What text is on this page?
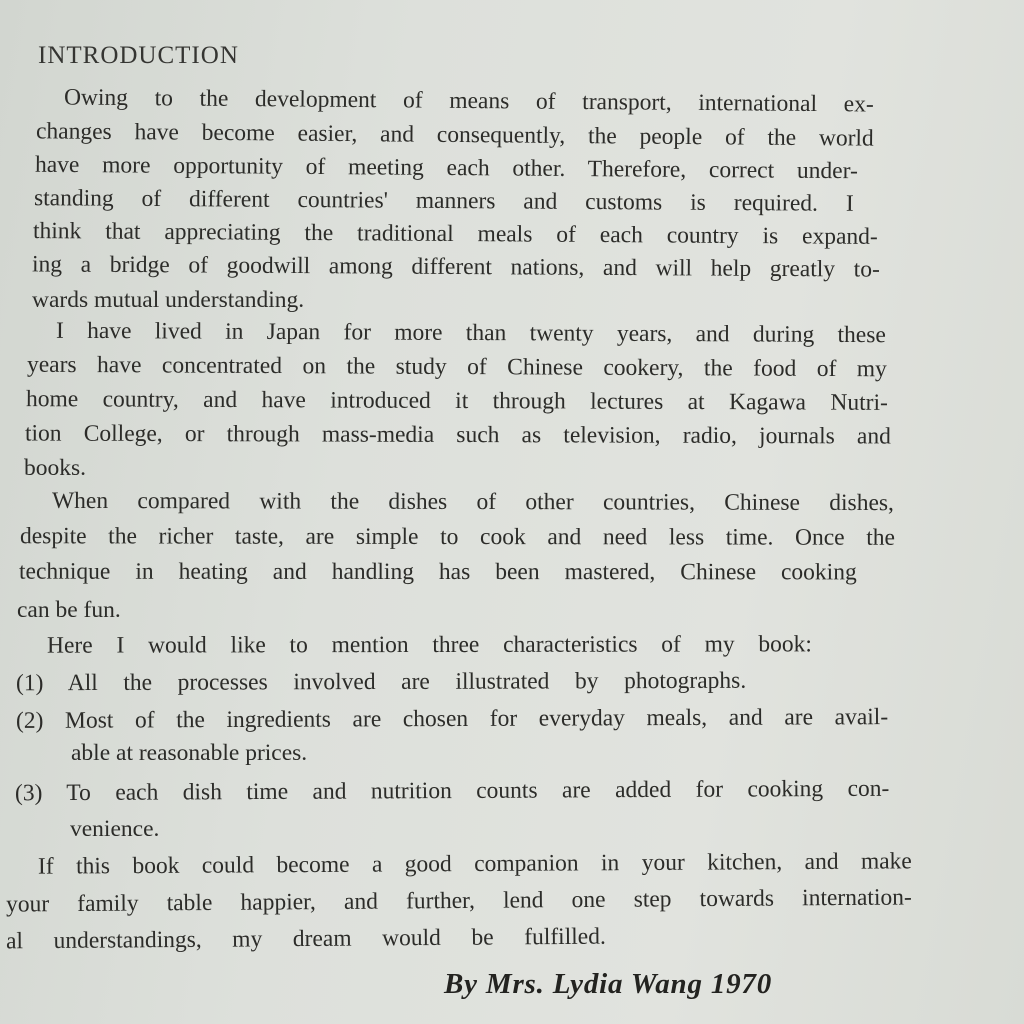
INTRODUCTION
Owing to the development of means of transport, international ex-
changes have become easier, and consequently, the people of the world
have more opportunity of meeting each other. Therefore, correct under-
standing of different countries' manners and customs is required. I
think that appreciating the traditional meals of each country is expand-
ing a bridge of goodwill among different nations, and will help greatly to-
wards mutual understanding.
I have lived in Japan for more than twenty years, and during these
years have concentrated on the study of Chinese cookery, the food of my
home country, and have introduced it through lectures at Kagawa Nutri-
tion College, or through mass-media such as television, radio, journals and
books.
When compared with the dishes of other countries, Chinese dishes,
despite the richer taste, are simple to cook and need less time. Once the
technique in heating and handling has been mastered, Chinese cooking
can be fun.
Here I would like to mention three characteristics of my book:
(1) All the processes involved are illustrated by photographs.
(2) Most of the ingredients are chosen for everyday meals, and are avail-
able at reasonable prices.
(3) To each dish time and nutrition counts are added for cooking con-
venience.
If this book could become a good companion in your kitchen, and make
your family table happier, and further, lend one step towards internation-
al understandings, my dream would be fulfilled.
By Mrs. Lydia Wang 1970
